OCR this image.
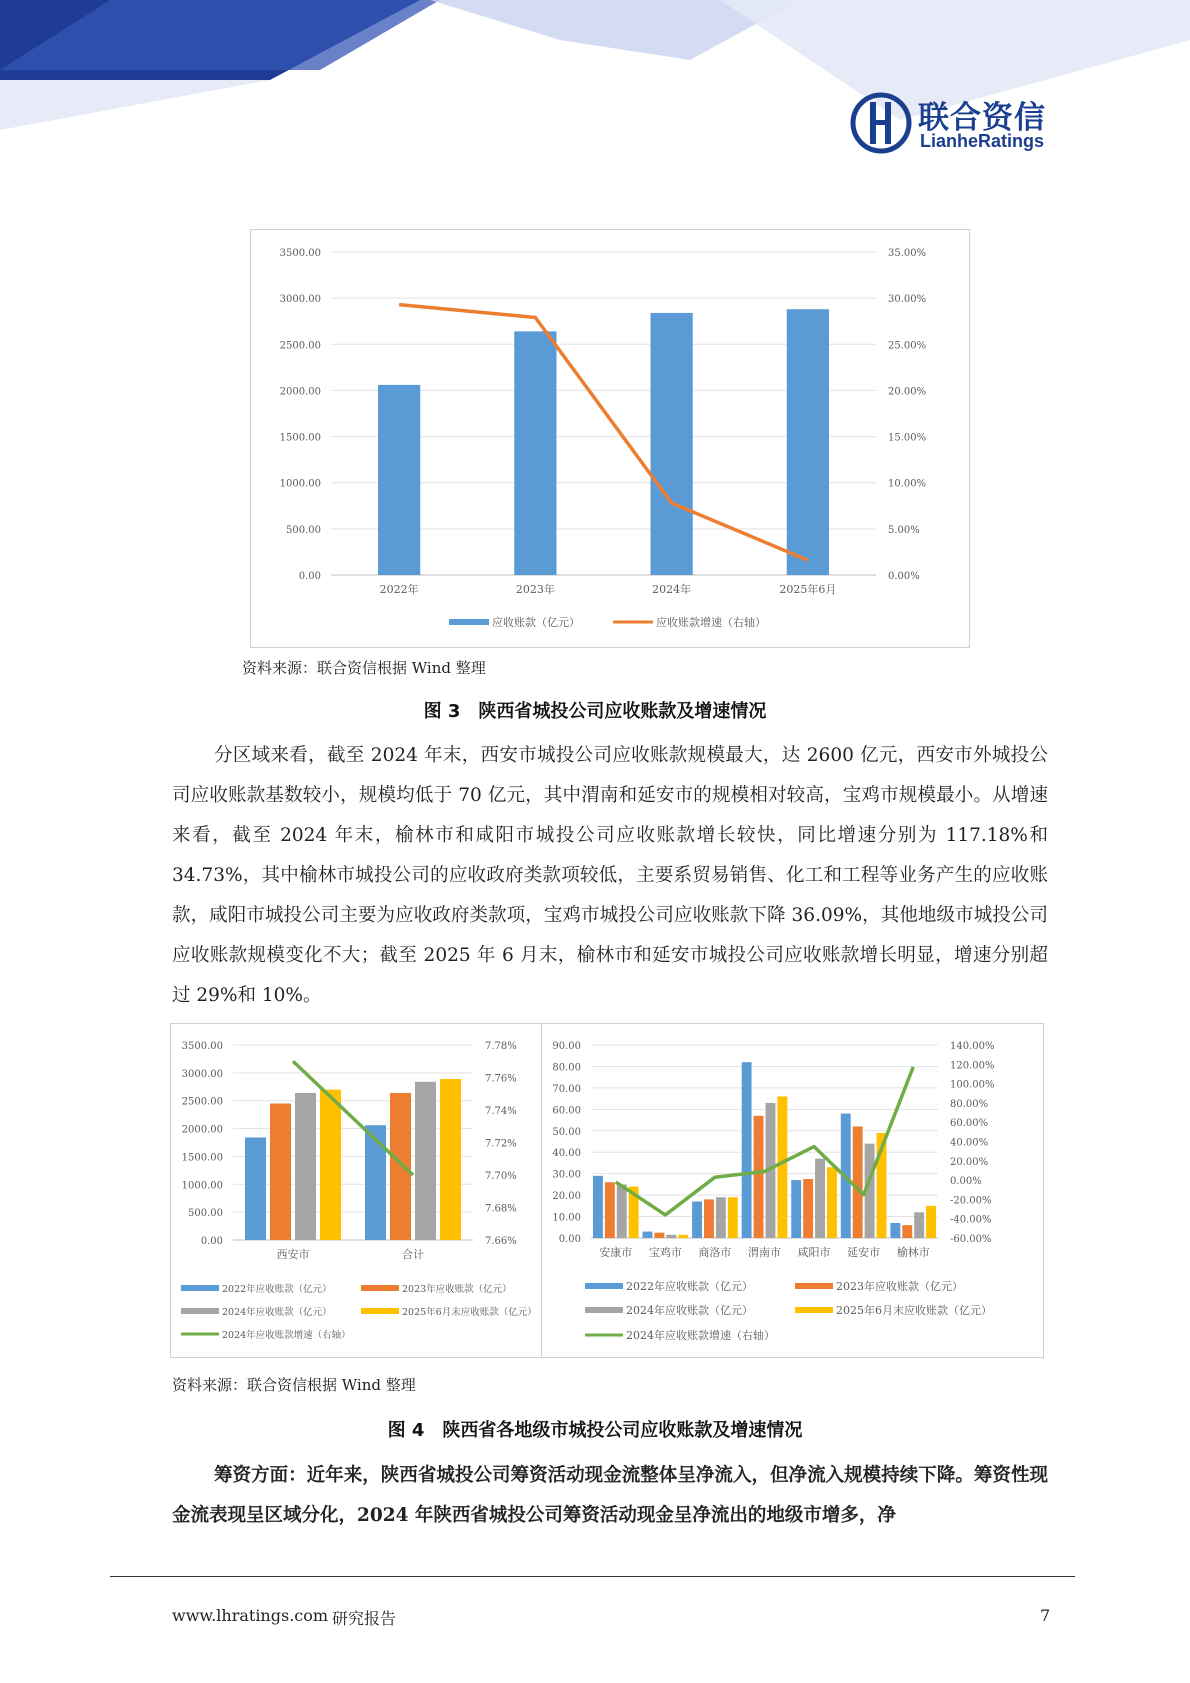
联合资信
LianheRatings
0.00
500.00
1000.00
1500.00
2000.00
2500.00
3000.00
3500.00
0.00%
5.00%
10.00%
15.00%
20.00%
25.00%
30.00%
35.00%
2022年	2023年	2024年	2025年6月
应收账款（亿元）	应收账款增速（右轴）
资料来源：联合资信根据 Wind 整理
图 3　陕西省城投公司应收账款及增速情况
分区域来看，截至 2024 年末，西安市城投公司应收账款规模最大，达 2600 亿元，西安市外城投公司应收账款基数较小，规模均低于 70 亿元，其中渭南和延安市的规模相对较高，宝鸡市规模最小。从增速来看，截至 2024 年末，榆林市和咸阳市城投公司应收账款增长较快，同比增速分别为 117.18%和 34.73%，其中榆林市城投公司的应收政府类款项较低，主要系贸易销售、化工和工程等业务产生的应收账款，咸阳市城投公司主要为应收政府类款项，宝鸡市城投公司应收账款下降 36.09%，其他地级市城投公司应收账款规模变化不大；截至 2025 年 6 月末，榆林市和延安市城投公司应收账款增长明显，增速分别超过 29%和 10%。
0.00
500.00
1000.00
1500.00
2000.00
2500.00
3000.00
3500.00
7.66%
7.68%
7.70%
7.72%
7.74%
7.76%
7.78%
西安市	合计
2022年应收账款（亿元）	2023年应收账款（亿元）
2024年应收账款（亿元）	2025年6月末应收账款（亿元）
2024年应收账款增速（右轴）
0.00
10.00
20.00
30.00
40.00
50.00
60.00
70.00
80.00
90.00
-60.00%
-40.00%
-20.00%
0.00%
20.00%
40.00%
60.00%
80.00%
100.00%
120.00%
140.00%
安康市 宝鸡市 商洛市 渭南市 咸阳市 延安市 榆林市
2022年应收账款（亿元）	2023年应收账款（亿元）
2024年应收账款（亿元）	2025年6月末应收账款（亿元）
2024年应收账款增速（右轴）
资料来源：联合资信根据 Wind 整理
图 4　陕西省各地级市城投公司应收账款及增速情况
筹资方面：近年来，陕西省城投公司筹资活动现金流整体呈净流入，但净流入规模持续下降。筹资性现金流表现呈区域分化，2024 年陕西省城投公司筹资活动现金呈净流出的地级市增多，净
www.lhratings.com 研究报告	7
